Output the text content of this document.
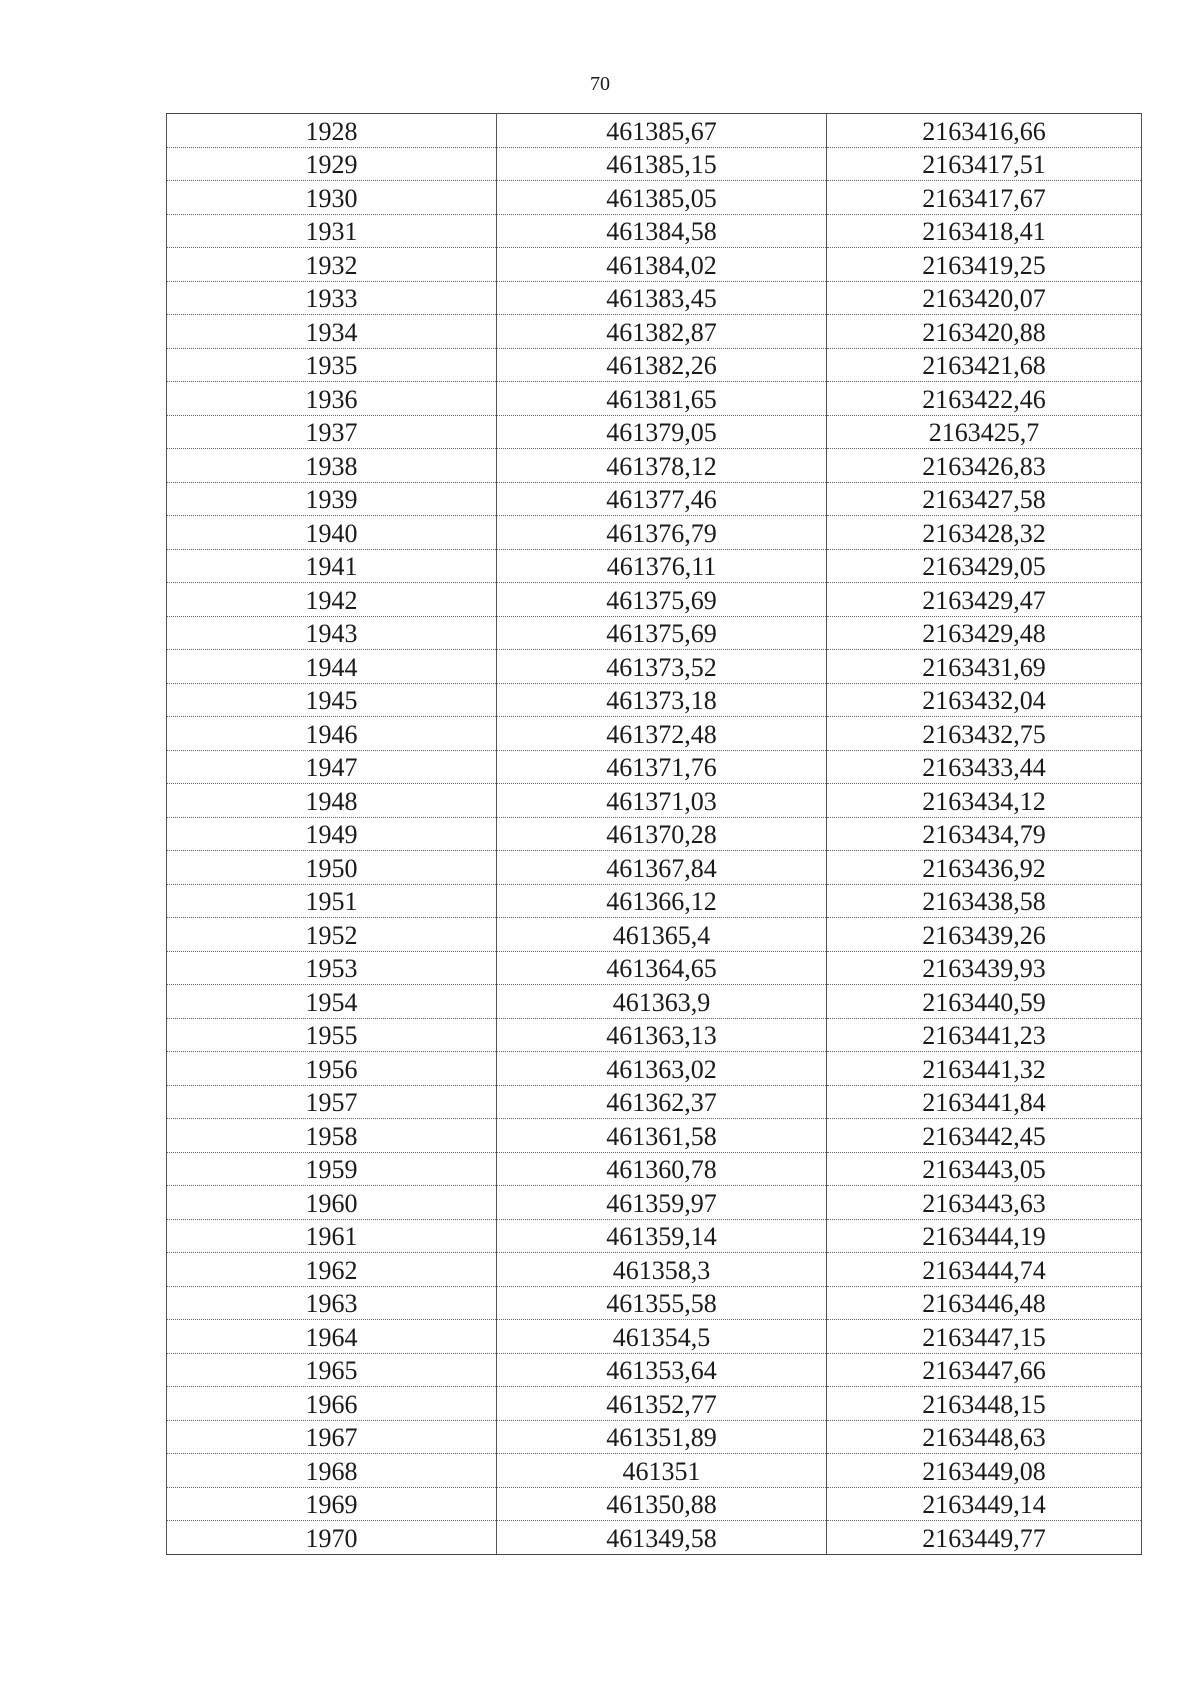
70
1928	461385,67	2163416,66
1929	461385,15	2163417,51
1930	461385,05	2163417,67
1931	461384,58	2163418,41
1932	461384,02	2163419,25
1933	461383,45	2163420,07
1934	461382,87	2163420,88
1935	461382,26	2163421,68
1936	461381,65	2163422,46
1937	461379,05	2163425,7
1938	461378,12	2163426,83
1939	461377,46	2163427,58
1940	461376,79	2163428,32
1941	461376,11	2163429,05
1942	461375,69	2163429,47
1943	461375,69	2163429,48
1944	461373,52	2163431,69
1945	461373,18	2163432,04
1946	461372,48	2163432,75
1947	461371,76	2163433,44
1948	461371,03	2163434,12
1949	461370,28	2163434,79
1950	461367,84	2163436,92
1951	461366,12	2163438,58
1952	461365,4	2163439,26
1953	461364,65	2163439,93
1954	461363,9	2163440,59
1955	461363,13	2163441,23
1956	461363,02	2163441,32
1957	461362,37	2163441,84
1958	461361,58	2163442,45
1959	461360,78	2163443,05
1960	461359,97	2163443,63
1961	461359,14	2163444,19
1962	461358,3	2163444,74
1963	461355,58	2163446,48
1964	461354,5	2163447,15
1965	461353,64	2163447,66
1966	461352,77	2163448,15
1967	461351,89	2163448,63
1968	461351	2163449,08
1969	461350,88	2163449,14
1970	461349,58	2163449,77
